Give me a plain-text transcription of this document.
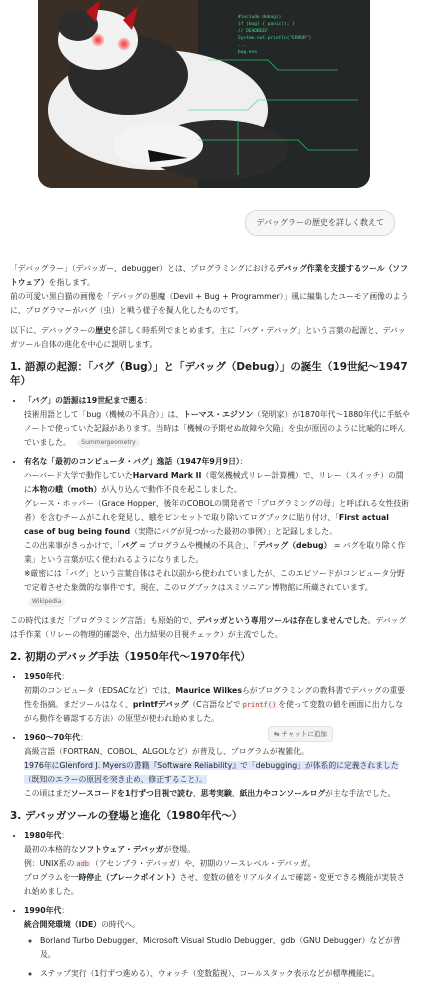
#include debug()
if (bug) { panic(); }
// DEADBEEF
System.out.println("ERROR")
...
bug.exe
デバッグラーの歴史を詳しく教えて

「デバッグラー」（デバッガー、debugger）とは、プログラミングにおけるデバッグ作業を支援するツール（ソフトウェア）を指します。
前の可愛い黒白猫の画像を「デバッグの悪魔（Devil + Bug + Programmer）」風に編集したユーモア画像のように、プログラマーがバグ（虫）と戦う様子を擬人化したものです。

以下に、デバッグラーの歴史を詳しく時系列でまとめます。主に「バグ・デバッグ」という言葉の起源と、デバッガツール自体の進化を中心に説明します。

1. 語源の起源：「バグ（Bug）」と「デバッグ（Debug）」の誕生（19世紀〜1947年）
• 「バグ」の語源は19世紀まで遡る：
技術用語として「bug（機械の不具合）」は、トーマス・エジソン（発明家）が1870年代〜1880年代に手紙やノートで使っていた記録があります。当時は「機械の予期せぬ故障や欠陥」を虫が原因のように比喩的に呼んでいました。 Summergeometry
• 有名な「最初のコンピュータ・バグ」逸話（1947年9月9日）：
ハーバード大学で動作していたHarvard Mark II（電気機械式リレー計算機）で、リレー（スイッチ）の間に本物の蛾（moth）が入り込んで動作不良を起こしました。
グレース・ホッパー（Grace Hopper、後年のCOBOLの開発者で「プログラミングの母」と呼ばれる女性技術者）を含むチームがこれを発見し、蛾をピンセットで取り除いてログブックに貼り付け、「First actual case of bug being found（実際にバグが見つかった最初の事例）」と記録しました。
この出来事がきっかけで、「バグ = プログラムや機械の不具合」、「デバッグ（debug） = バグを取り除く作業」という言葉が広く使われるようになりました。
※厳密には「バグ」という言葉自体はそれ以前から使われていましたが、このエピソードがコンピュータ分野で定着させた象徴的な事件です。現在、このログブックはスミソニアン博物館に所蔵されています。 Wikipedia

この時代はまだ「プログラミング言語」も原始的で、デバッガという専用ツールは存在しませんでした。デバッグは手作業（リレーの物理的確認や、出力結果の目視チェック）が主流でした。

2. 初期のデバッグ手法（1950年代〜1970年代）
• 1950年代：
初期のコンピュータ（EDSACなど）では、Maurice Wilkesらがプログラミングの教科書でデバッグの重要性を指摘。まだツールはなく、printfデバッグ（C言語などで printf() を使って変数の値を画面に出力しながら動作を確認する方法）の原型が使われ始めました。
• 1960〜70年代：
高級言語（FORTRAN、COBOL、ALGOLなど）が普及し、プログラムが複雑化。
1976年にGlenford J. Myersの書籍『Software Reliability』で「debugging」が体系的に定義されました（既知のエラーの原因を突き止め、修正すること）。
この頃はまだソースコードを1行ずつ目視で読む、思考実験、紙出力やコンソールログが主な手法でした。
3. デバッガツールの登場と進化（1980年代〜）
• 1980年代：
最初の本格的なソフトウェア・デバッガが登場。
例：UNIX系の adb （アセンブラ・デバッガ）や、初期のソースレベル・デバッガ。
プログラムを一時停止（ブレークポイント）させ、変数の値をリアルタイムで確認・変更できる機能が実装され始めました。
• 1990年代：
統合開発環境（IDE）の時代へ。
◦ Borland Turbo Debugger、Microsoft Visual Studio Debugger、gdb（GNU Debugger）などが普及。
◦ ステップ実行（1行ずつ進める）、ウォッチ（変数監視）、コールスタック表示などが標準機能に。
⇆ チャットに追加
